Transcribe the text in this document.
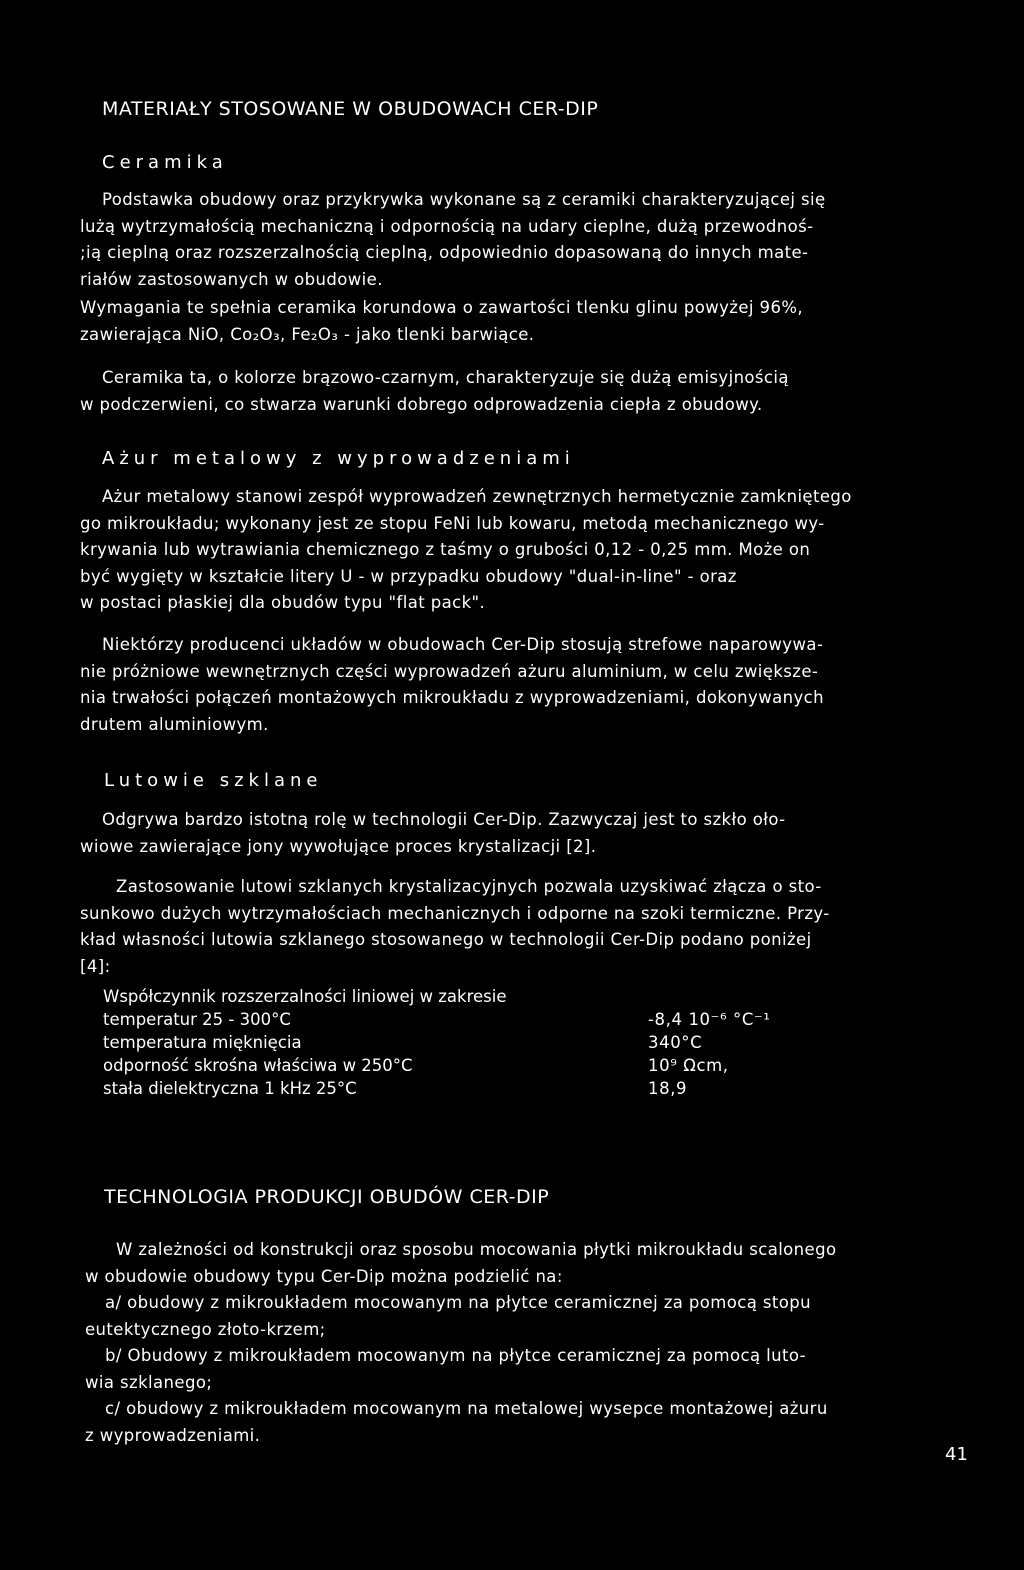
MATERIAŁY STOSOWANE W OBUDOWACH CER-DIP
Ceramika
Podstawka obudowy oraz przykrywka wykonane są z ceramiki charakteryzującej się
lużą wytrzymałością mechaniczną i odpornością na udary cieplne, dużą przewodnoś-
;ią cieplną oraz rozszerzalnością cieplną, odpowiednio dopasowaną do innych mate-
riałów zastosowanych w obudowie.
Wymagania te spełnia ceramika korundowa o zawartości tlenku glinu powyżej 96%,
zawierająca NiO, Co₂O₃, Fe₂O₃ - jako tlenki barwiące.
Ceramika ta, o kolorze brązowo-czarnym, charakteryzuje się dużą emisyjnością
w podczerwieni, co stwarza warunki dobrego odprowadzenia ciepła z obudowy.
Ażur metalowy z wyprowadzeniami
Ażur metalowy stanowi zespół wyprowadzeń zewnętrznych hermetycznie zamkniętego
go mikroukładu; wykonany jest ze stopu FeNi lub kowaru, metodą mechanicznego wy-
krywania lub wytrawiania chemicznego z taśmy o grubości 0,12 - 0,25 mm. Może on
być wygięty w kształcie litery U - w przypadku obudowy "dual-in-line" - oraz
w postaci płaskiej dla obudów typu "flat pack".
Niektórzy producenci układów w obudowach Cer-Dip stosują strefowe naparowywa-
nie próżniowe wewnętrznych części wyprowadzeń ażuru aluminium, w celu zwiększe-
nia trwałości połączeń montażowych mikroukładu z wyprowadzeniami, dokonywanych
drutem aluminiowym.
Lutowie szklane
Odgrywa bardzo istotną rolę w technologii Cer-Dip. Zazwyczaj jest to szkło oło-
wiowe zawierające jony wywołujące proces krystalizacji [2].
Zastosowanie lutowi szklanych krystalizacyjnych pozwala uzyskiwać złącza o sto-
sunkowo dużych wytrzymałościach mechanicznych i odporne na szoki termiczne. Przy-
kład własności lutowia szklanego stosowanego w technologii Cer-Dip podano poniżej
[4]:
Współczynnik rozszerzalności liniowej w zakresie
temperatur 25 - 300°C	-8,4 10⁻⁶ °C⁻¹
temperatura mięknięcia	340°C
odporność skrośna właściwa w 250°C	10⁹ Ωcm,
stała dielektryczna 1 kHz 25°C	18,9
TECHNOLOGIA PRODUKCJI OBUDÓW CER-DIP
W zależności od konstrukcji oraz sposobu mocowania płytki mikroukładu scalonego
w obudowie obudowy typu Cer-Dip można podzielić na:
a/ obudowy z mikroukładem mocowanym na płytce ceramicznej za pomocą stopu
eutektycznego złoto-krzem;
b/ Obudowy z mikroukładem mocowanym na płytce ceramicznej za pomocą luto-
wia szklanego;
c/ obudowy z mikroukładem mocowanym na metalowej wysepce montażowej ażuru
z wyprowadzeniami.
41
